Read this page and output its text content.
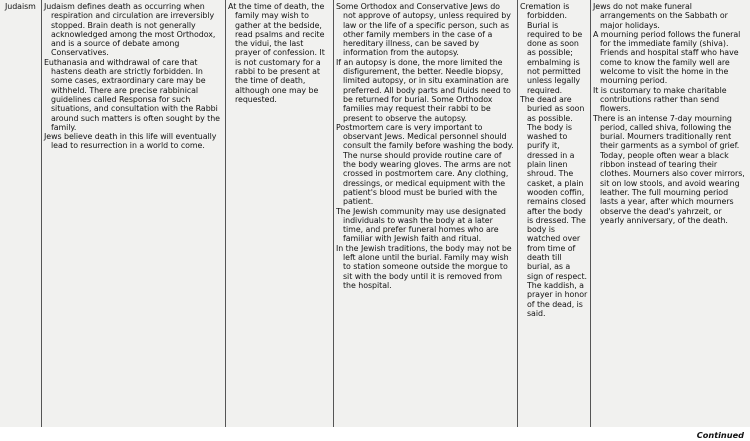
Judaism	Judaism defines death as occurring when respiration and circulation are irreversibly stopped. Brain death is not generally acknowledged among the most Orthodox, and is a source of debate among Conservatives.

Euthanasia and withdrawal of care that hastens death are strictly forbidden. In some cases, extraordinary care may be withheld. There are precise rabbinical guidelines called Responsa for such situations, and consultation with the Rabbi around such matters is often sought by the family.

Jews believe death in this life will eventually lead to resurrection in a world to come.

At the time of death, the family may wish to gather at the bedside, read psalms and recite the vidui, the last prayer of confession. It is not customary for a rabbi to be present at the time of death, although one may be requested.

Some Orthodox and Conservative Jews do not approve of autopsy, unless required by law or the life of a specific person, such as other family members in the case of a hereditary illness, can be saved by information from the autopsy.

If an autopsy is done, the more limited the disfigurement, the better. Needle biopsy, limited autopsy, or in situ examination are preferred. All body parts and fluids need to be returned for burial. Some Orthodox families may request their rabbi to be present to observe the autopsy.

Postmortem care is very important to observant Jews. Medical personnel should consult the family before washing the body. The nurse should provide routine care of the body wearing gloves. The arms are not crossed in postmortem care. Any clothing, dressings, or medical equipment with the patient's blood must be buried with the patient.

The Jewish community may use designated individuals to wash the body at a later time, and prefer funeral homes who are familiar with Jewish faith and ritual.

In the Jewish traditions, the body may not be left alone until the burial. Family may wish to station someone outside the morgue to sit with the body until it is removed from the hospital.

Cremation is forbidden. Burial is required to be done as soon as possible; embalming is not permitted unless legally required.

The dead are buried as soon as possible. The body is washed to purify it, dressed in a plain linen shroud. The casket, a plain wooden coffin, remains closed after the body is dressed. The body is watched over from time of death till burial, as a sign of respect. The kaddish, a prayer in honor of the dead, is said.

Jews do not make funeral arrangements on the Sabbath or major holidays.

A mourning period follows the funeral for the immediate family (shiva). Friends and hospital staff who have come to know the family well are welcome to visit the home in the mourning period.

It is customary to make charitable contributions rather than send flowers.

There is an intense 7-day mourning period, called shiva, following the burial. Mourners traditionally rent their garments as a symbol of grief. Today, people often wear a black ribbon instead of tearing their clothes. Mourners also cover mirrors, sit on low stools, and avoid wearing leather. The full mourning period lasts a year, after which mourners observe the dead's yahrzeit, or yearly anniversary, of the death.

Continued
